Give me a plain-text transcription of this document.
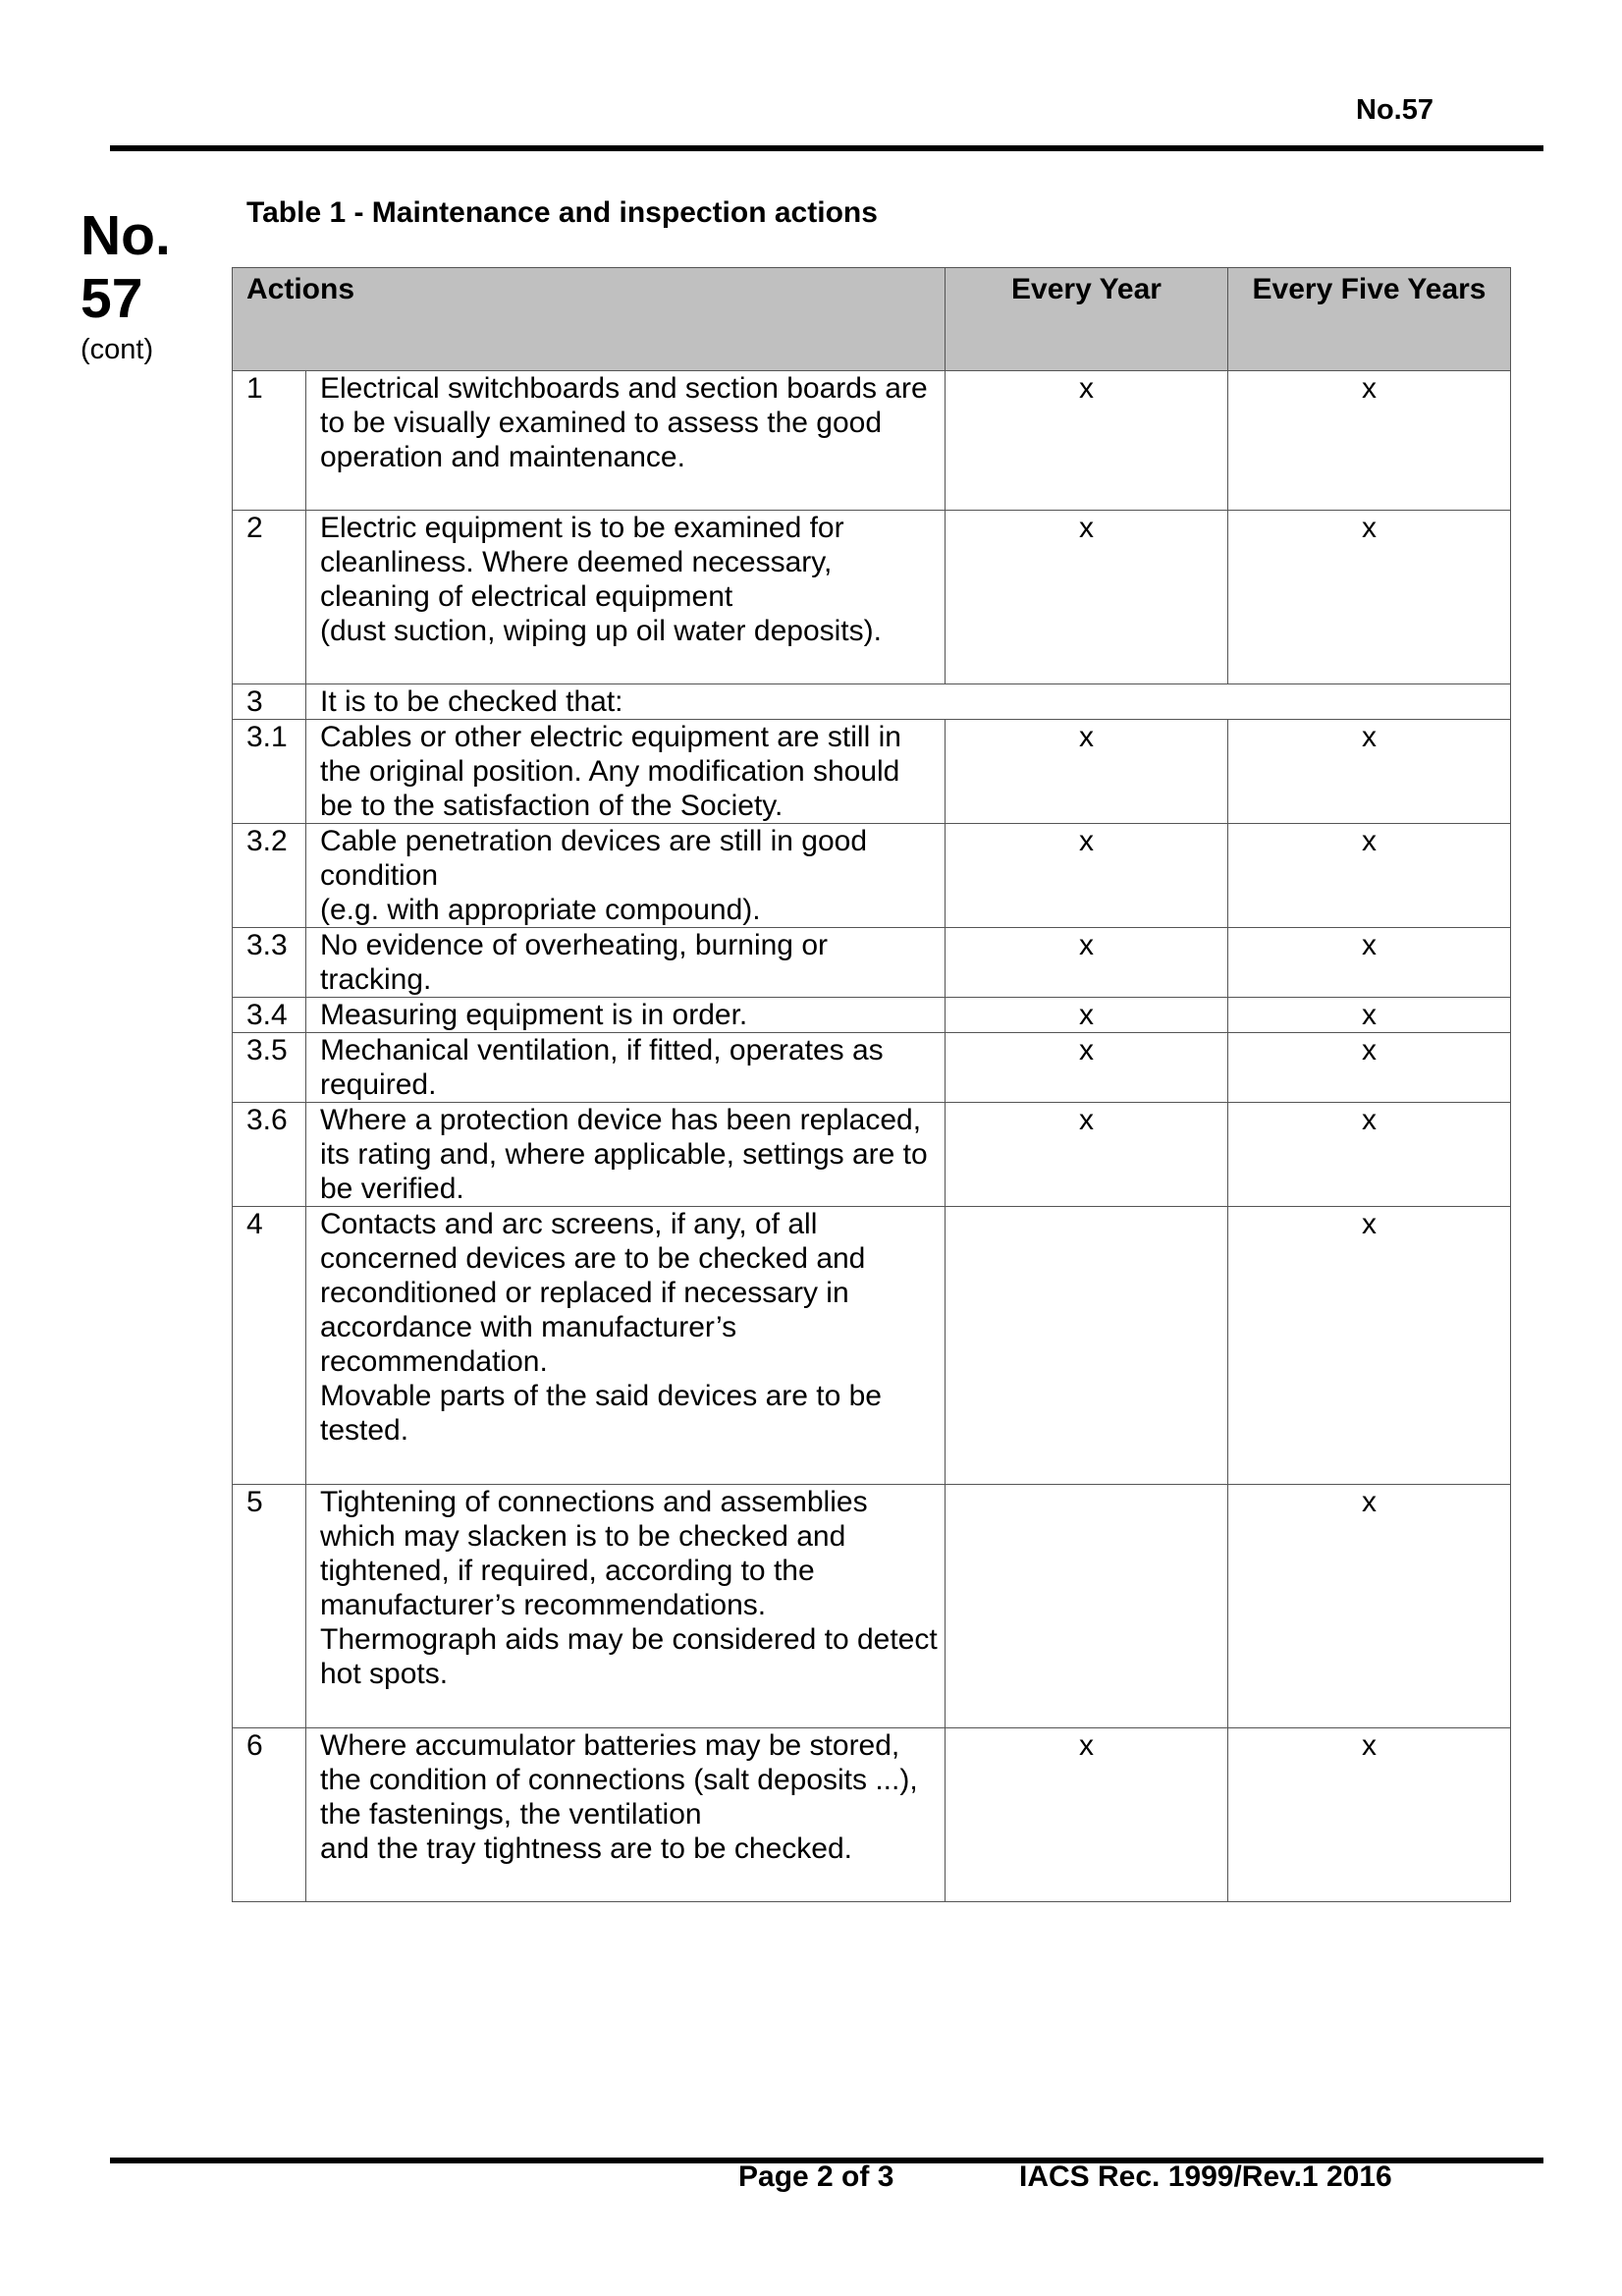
No.57
No.
57
(cont)
Table 1 - Maintenance and inspection actions
Actions		Every Year	Every Five Years
1	Electrical switchboards and section boards are to be visually examined to assess the good operation and maintenance.	x	x
2	Electric equipment is to be examined for cleanliness. Where deemed necessary, cleaning of electrical equipment
(dust suction, wiping up oil water deposits).	x	x
3	It is to be checked that:		
3.1	Cables or other electric equipment are still in the original position. Any modification should be to the satisfaction of the Society.	x	x
3.2	Cable penetration devices are still in good condition
(e.g. with appropriate compound).	x	x
3.3	No evidence of overheating, burning or tracking.	x	x
3.4	Measuring equipment is in order.	x	x
3.5	Mechanical ventilation, if fitted, operates as required.	x	x
3.6	Where a protection device has been replaced, its rating and, where applicable, settings are to be verified.	x	x
4	Contacts and arc screens, if any, of all concerned devices are to be checked and reconditioned or replaced if necessary in accordance with manufacturer’s recommendation.
Movable parts of the said devices are to be tested.		x
5	Tightening of connections and assemblies which may slacken is to be checked and tightened, if required, according to the manufacturer’s recommendations.
Thermograph aids may be considered to detect hot spots.		x
6	Where accumulator batteries may be stored, the condition of connections (salt deposits ...), the fastenings, the ventilation
and the tray tightness are to be checked.	x	x
Page 2 of 3	IACS Rec. 1999/Rev.1 2016
